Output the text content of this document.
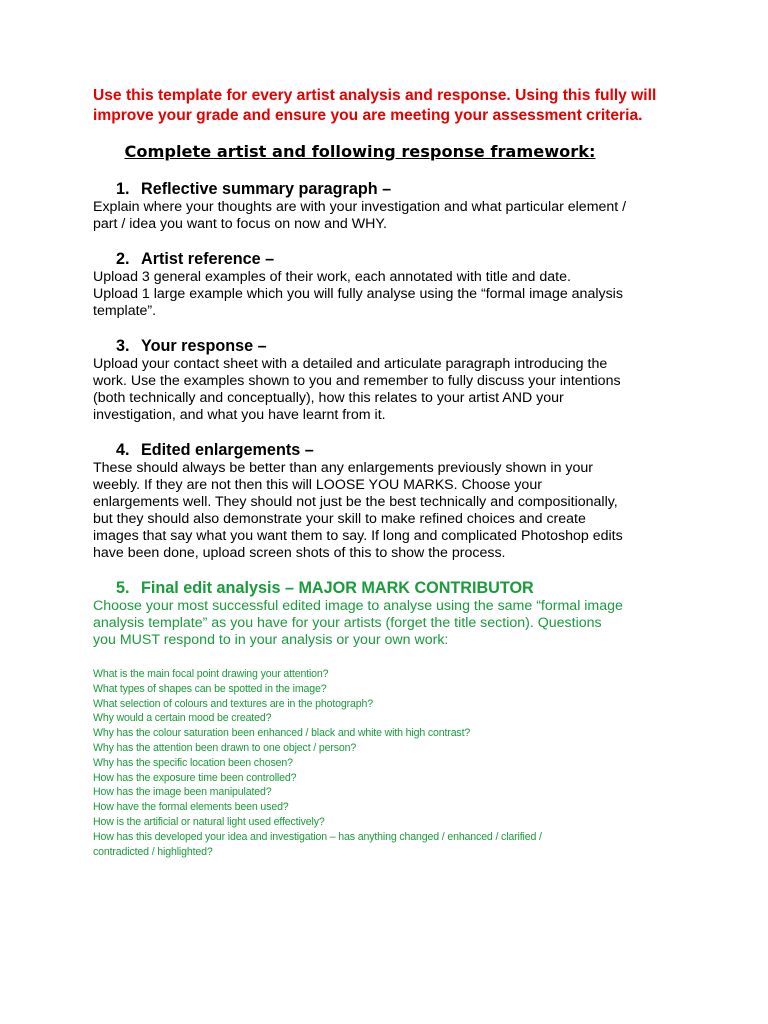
Use this template for every artist analysis and response. Using this fully will improve your grade and ensure you are meeting your assessment criteria.

Complete artist and following response framework:
1. Reflective summary paragraph –

Explain where your thoughts are with your investigation and what particular element /
part / idea you want to focus on now and WHY.

2. Artist reference –

Upload 3 general examples of their work, each annotated with title and date.
Upload 1 large example which you will fully analyse using the “formal image analysis
template”.

3. Your response –

Upload your contact sheet with a detailed and articulate paragraph introducing the
work. Use the examples shown to you and remember to fully discuss your intentions
(both technically and conceptually), how this relates to your artist AND your
investigation, and what you have learnt from it.

4. Edited enlargements –

These should always be better than any enlargements previously shown in your
weebly. If they are not then this will LOOSE YOU MARKS. Choose your
enlargements well. They should not just be the best technically and compositionally,
but they should also demonstrate your skill to make refined choices and create
images that say what you want them to say. If long and complicated Photoshop edits
have been done, upload screen shots of this to show the process.

5. Final edit analysis – MAJOR MARK CONTRIBUTOR

Choose your most successful edited image to analyse using the same “formal image
analysis template” as you have for your artists (forget the title section). Questions
you MUST respond to in your analysis or your own work:

What is the main focal point drawing your attention?
What types of shapes can be spotted in the image?
What selection of colours and textures are in the photograph?
Why would a certain mood be created?
Why has the colour saturation been enhanced / black and white with high contrast?
Why has the attention been drawn to one object / person?
Why has the specific location been chosen?
How has the exposure time been controlled?
How has the image been manipulated?
How have the formal elements been used?
How is the artificial or natural light used effectively?
How has this developed your idea and investigation – has anything changed / enhanced / clarified /
contradicted / highlighted?
